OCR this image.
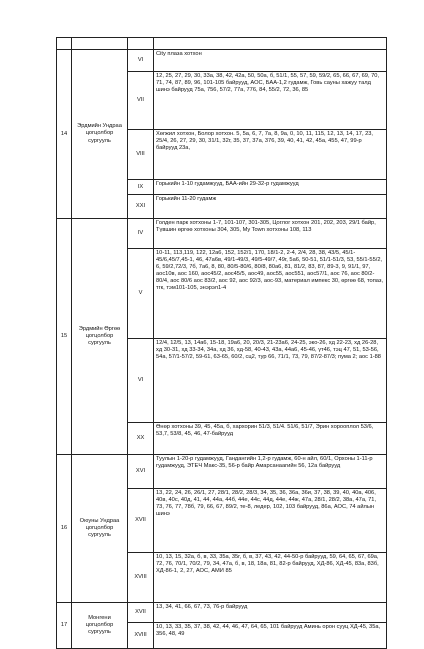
14	Эрдмийн Ундраа цогцолбор сургууль	VI	City плаза хотхон
		VII	12, 25, 27, 29, 30, 33а, 38, 42, 42а, 50, 50а, б, 51/1, 55, 57, 59, 59/2, 65, 66, 67, 69, 70, 71, 74, 87, 89, 96, 101-105 байрууд, АОС, БАА-1,2 гудамж, Говь сауны хажуу талд шинэ байрууд 75а, 756, 57/2, 77а, 776, 84, 55/2, 72, 36, 85
		VIII	Хөгжил хотхон, Болор хотхон. 5, 5а, 6, 7, 7а, 8, 9а, 0, 10, 11, 115, 12, 13, 14, 17, 23, 25/4, 26, 27, 29, 30, 31/1, 32г, 35, 37, 37а, 376, 39, 40, 41, 42, 45а, 455, 47, 99-р байрууд 23а,
		IX	Горькийн 1-10 гудамжууд, БАА-ийн 29-32-р гудамжууд
		XXI	Горькийн 11-20 гудамж
15	Эрдмийн Өргөө цогцолбор сургууль	IV	Голден парк хотхоны 1-7, 101-107, 301-305, Цоглог хотхон 201, 202, 203, 29/1 байр, Түвшин өргөө хотхоны 304, 305, My Town хотхоны 108, 113
		V	10-11, 113,119, 122, 12а6, 152, 152/1, 170, 18/1-2, 2-4, 2/4, 28, 38, 43/5, 45/1-45/6,45/7,45-1, 46, 47а6в, 49/1-49/3, 49/5-49/7, 49г, 5а6, 50-51, 51/1-51/3, 53, 55/1-55/2, 6, 59/2,72/3, 7б, 7а6, 8, 80, 80/5-80/6, 80/8, 80а6, 81, 81/2, 83, 87, 89-3, 9, 91/1, 97, аос10в, аос 160, аос45/2, аос45/5, аос49, аос55, аос551, аос57/1, аос 76, аос 80/2-80/4, аос 80/6 аос 83/2, аос 92, аос 92/3, аос-93, материал импекс 30, өргөө 68, топаз, тгк, тэм101-105, энэрэл1-4
		VI	12/4, 12/5, 13, 14а6, 15-18, 19а6, 20, 20/3, 21-23а6, 24-25, эко-26, хд 22-23, хд 26-28, хд 30-31, хд 33-34, 34а, хд 36, хд-58, 40-43, 43а, 44а6, 45-46, үт46, тэц 47, 51, 53-56, 54а, 57/1-57/2, 59-61, 63-65, 60/2, сц2, тур 66, 71/1, 73, 79, 87/2-87/3; пума 2; аос 1-88
		XX	Өнөр хотхоны 39, 45, 45а, б, хархорин 51/3, 51/4. 51/6, 51/7, Эрин хорооплол 53/6, 53,7, 53/8, 45, 46, 47-байрууд
16	Оюуны Ундраа цогцолбор сургууль	XVI	Туулын 1-20-р гудамжууд, Гандангийн 1,2-р гудамж, 60-н айл, 60/1, Орхоны 1-11-р гудамжууд, ЭТЕЧ Макс-35, 56-р байр Амарсанаагийн 56, 12а байрууд
		XVII	13, 22, 24, 26, 26/1, 27, 28/1, 28/2, 28/3, 34, 35, 36, 36а, 36и, 37, 38, 39, 40, 40а, 406, 40в, 40с, 40д, 41, 44, 44а, 44б, 44е, 44с, 44д, 44е, 44ж, 47а, 28/1, 28/2, 38а, 47а, 71, 73, 76, 77, 78б, 79, 66, 67, 89/2, те-8, ледер, 102, 103 байрууд, 86а, АОС, 74 айлын шинэ
		XVIII	10, 13, 15, 32а, б, в, 33, 35а, 35г, б, в, 37, 43, 42, 44-50-р байрууд, 59, 64, 65, 67, 69а, 72, 76, 70/1, 70/2, 79, 34, 47а, б, в, 18, 18а, 81, 82-р байрууд, ХД-86, ХД-45, 83а, 83б, ХД-86-1, 2, 27, АОС, АМИ 85
17	Монгени цогцолбор сургууль	XVII	13, 34, 41, 66, 67, 73, 76-р байрууд
		XVIII	10, 13, 33, 35, 37, 38, 42, 44, 46, 47, 64, 65, 101 байрууд Аминь орон сууц ХД-45, 35а, 356, 48, 49
